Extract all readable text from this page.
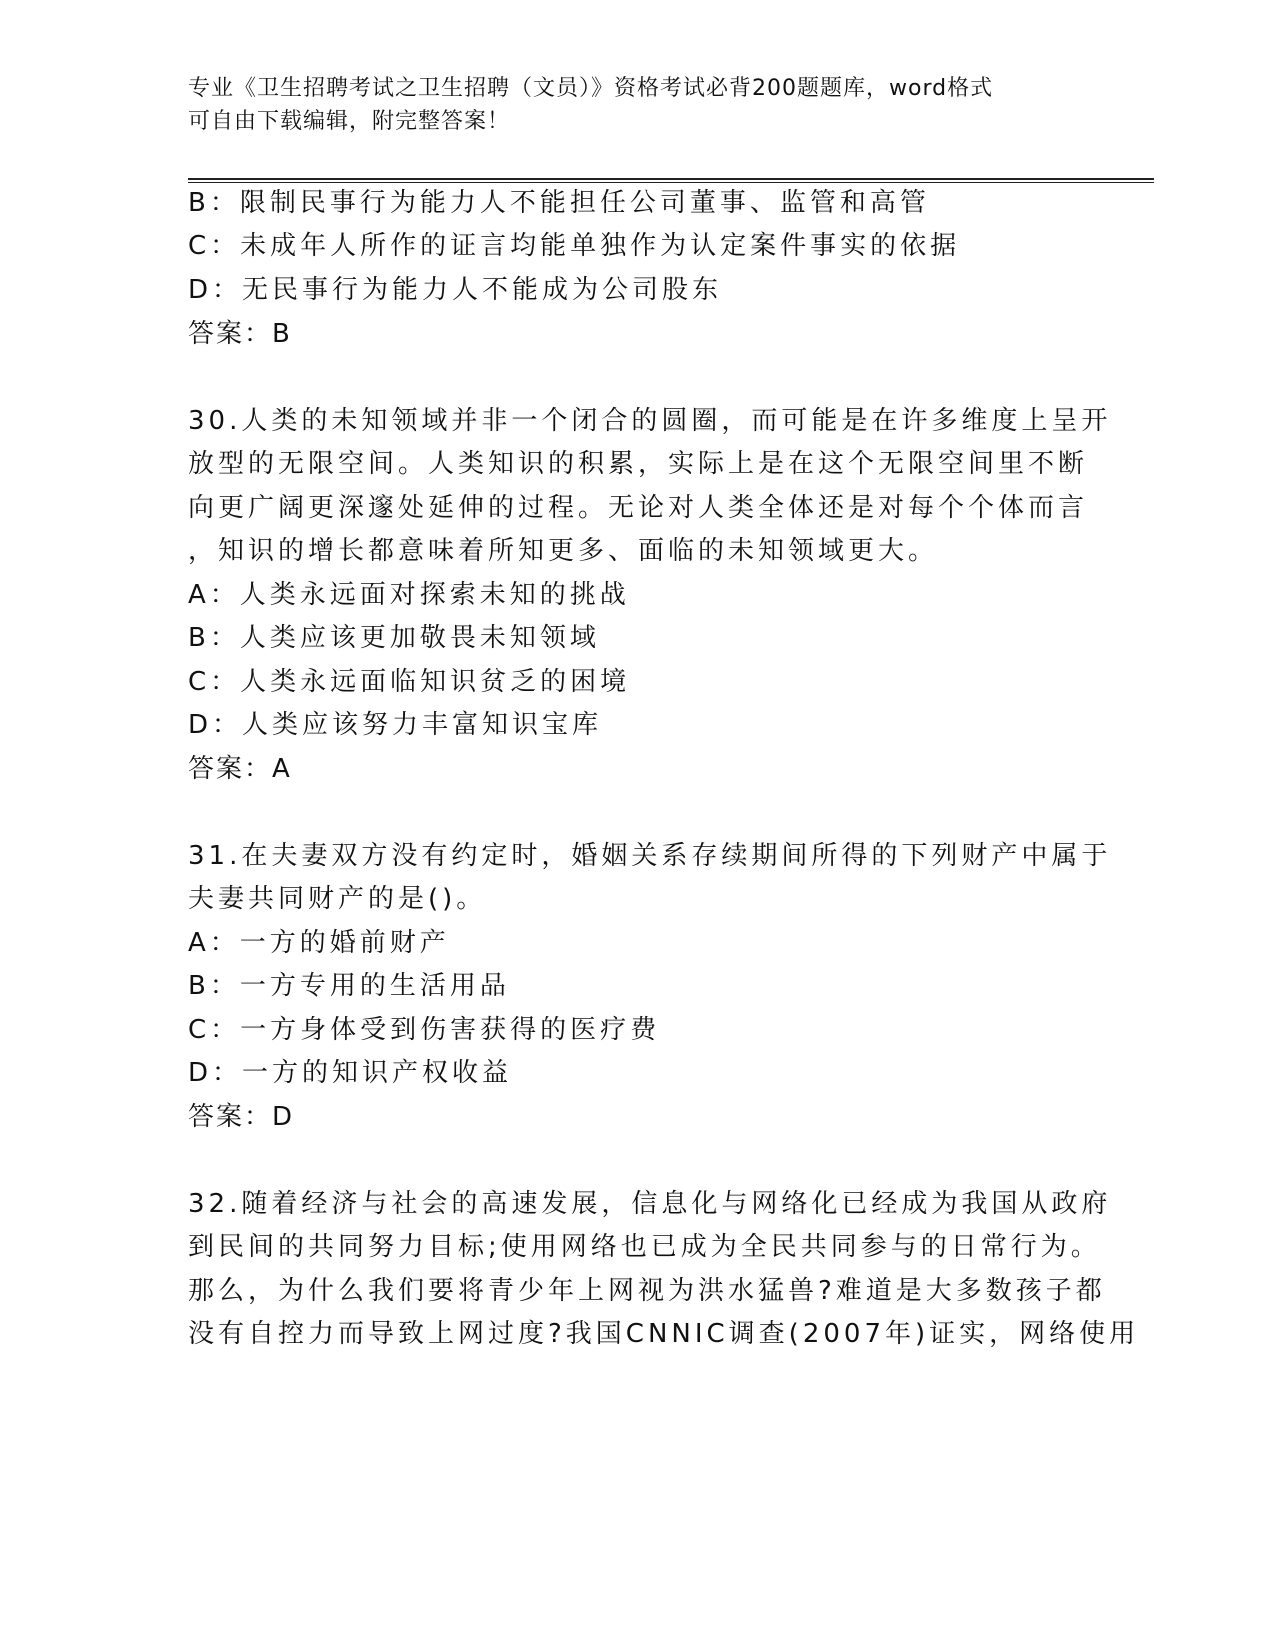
专业《卫生招聘考试之卫生招聘（文员）》资格考试必背200题题库，word格式
可自由下载编辑，附完整答案！
B：限制民事行为能力人不能担任公司董事、监管和高管
C：未成年人所作的证言均能单独作为认定案件事实的依据
D：无民事行为能力人不能成为公司股东
答案：B
30.人类的未知领域并非一个闭合的圆圈，而可能是在许多维度上呈开
放型的无限空间。人类知识的积累，实际上是在这个无限空间里不断
向更广阔更深邃处延伸的过程。无论对人类全体还是对每个个体而言
，知识的增长都意味着所知更多、面临的未知领域更大。
A：人类永远面对探索未知的挑战
B：人类应该更加敬畏未知领域
C：人类永远面临知识贫乏的困境
D：人类应该努力丰富知识宝库
答案：A
31.在夫妻双方没有约定时，婚姻关系存续期间所得的下列财产中属于
夫妻共同财产的是()。
A：一方的婚前财产
B：一方专用的生活用品
C：一方身体受到伤害获得的医疗费
D：一方的知识产权收益
答案：D
32.随着经济与社会的高速发展，信息化与网络化已经成为我国从政府
到民间的共同努力目标;使用网络也已成为全民共同参与的日常行为。
那么，为什么我们要将青少年上网视为洪水猛兽?难道是大多数孩子都
没有自控力而导致上网过度?我国CNNIC调查(2007年)证实，网络使用
